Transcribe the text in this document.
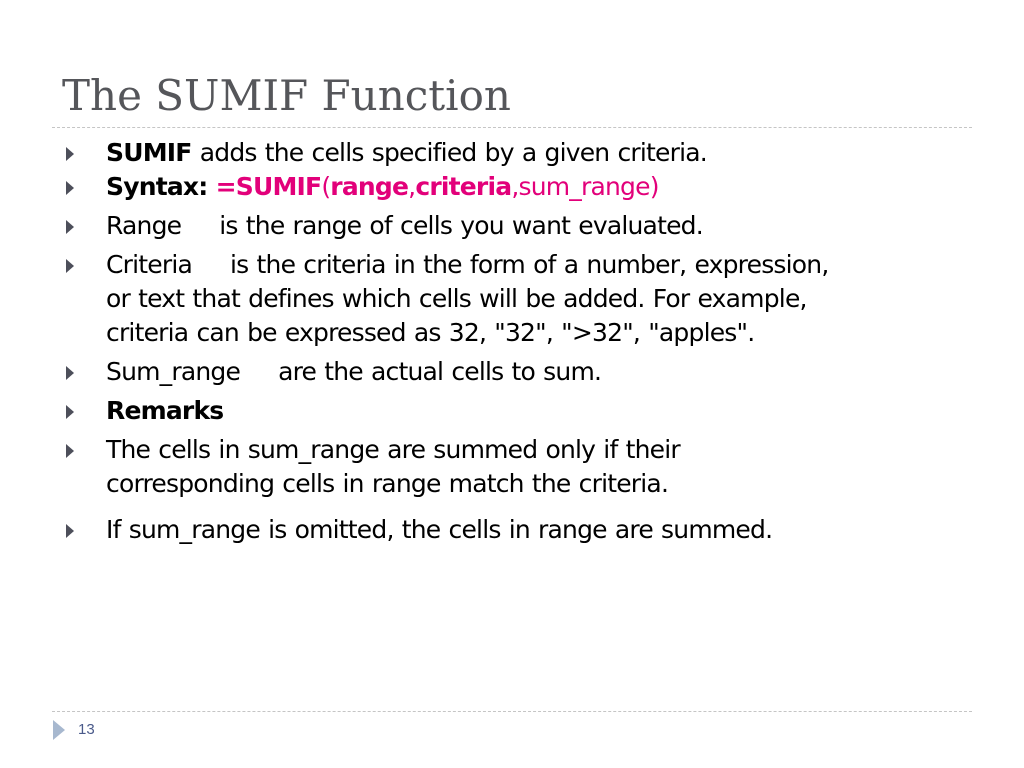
The SUMIF Function
SUMIF adds the cells specified by a given criteria.
Syntax: =SUMIF(range,criteria,sum_range)
Range is the range of cells you want evaluated.
Criteria is the criteria in the form of a number, expression,
or text that defines which cells will be added. For example,
criteria can be expressed as 32, "32", ">32", "apples".
Sum_range are the actual cells to sum.
Remarks
The cells in sum_range are summed only if their
corresponding cells in range match the criteria.
If sum_range is omitted, the cells in range are summed.
13
